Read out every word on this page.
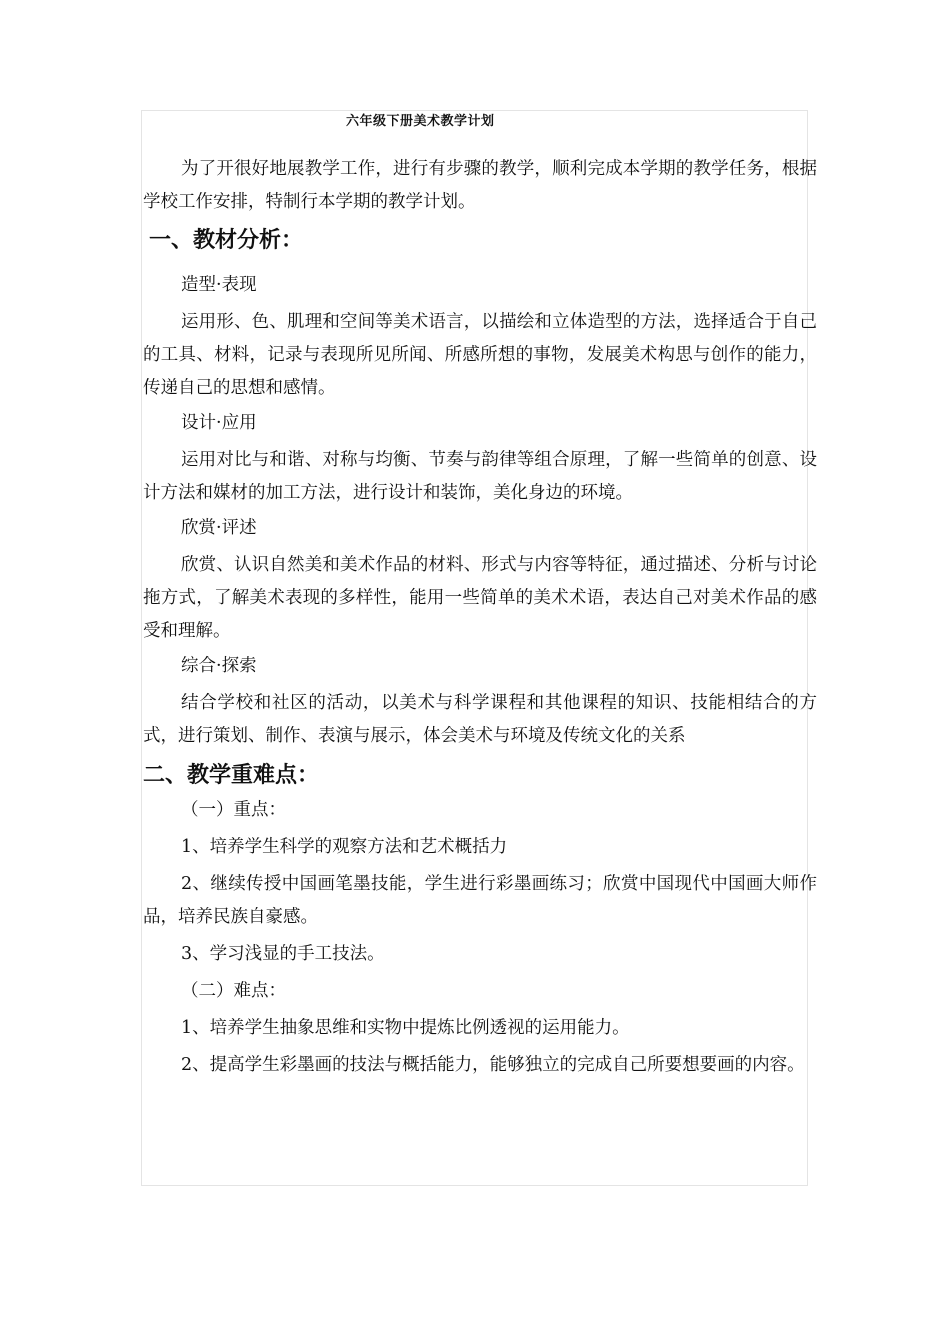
六年级下册美术教学计划

为了开很好地展教学工作，进行有步骤的教学，顺利完成本学期的教学任务，根据学校工作安排，特制行本学期的教学计划。

一、教材分析：

造型·表现

运用形、色、肌理和空间等美术语言，以描绘和立体造型的方法，选择适合于自己的工具、材料，记录与表现所见所闻、所感所想的事物，发展美术构思与创作的能力，传递自己的思想和感情。

设计·应用

运用对比与和谐、对称与均衡、节奏与韵律等组合原理，了解一些简单的创意、设计方法和媒材的加工方法，进行设计和装饰，美化身边的环境。

欣赏·评述

欣赏、认识自然美和美术作品的材料、形式与内容等特征，通过描述、分析与讨论拖方式，了解美术表现的多样性，能用一些简单的美术术语，表达自己对美术作品的感受和理解。

综合·探索

结合学校和社区的活动，以美术与科学课程和其他课程的知识、技能相结合的方式，进行策划、制作、表演与展示，体会美术与环境及传统文化的关系

二、教学重难点：

（一）重点：

1、培养学生科学的观察方法和艺术概括力

2、继续传授中国画笔墨技能，学生进行彩墨画练习；欣赏中国现代中国画大师作品，培养民族自豪感。

3、学习浅显的手工技法。

（二）难点：

1、培养学生抽象思维和实物中提炼比例透视的运用能力。

2、提高学生彩墨画的技法与概括能力，能够独立的完成自己所要想要画的内容。
